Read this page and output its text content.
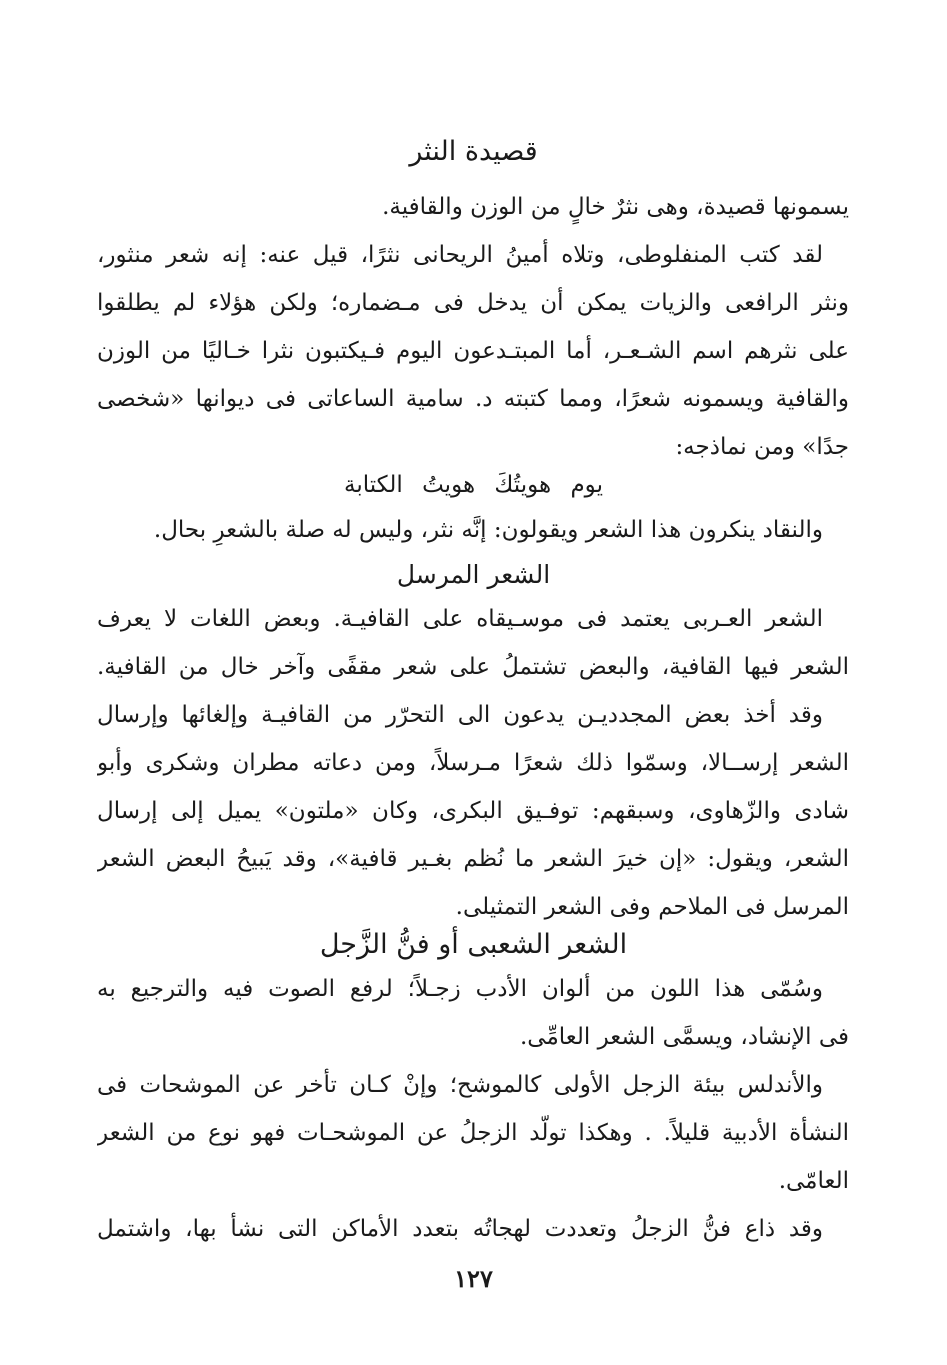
قصيدة النثر
يسمونها قصيدة، وهى نثرٌ خالٍ من الوزن والقافية.
لقد كتب المنفلوطى، وتلاه أمينُ الريحانى نثرًا، قيل عنه: إنه شعر منثور،
ونثر الرافعى والزيات يمكن أن يدخل فى مـضماره؛ ولكن هؤلاء لم يطلقوا
على نثرهم اسم الشـعـر، أما المبتـدعون اليوم فـيكتبون نثرا خـاليًا من الوزن
والقافية ويسمونه شعرًا، ومما كتبته د. سامية الساعاتى فى ديوانها «شخصى
جدًا» ومن نماذجه:
يوم هويتُكَ هويتُ الكتابة
والنقاد ينكرون هذا الشعر ويقولون: إنَّه نثر، وليس له صلة بالشعرِ بحال.
الشعر المرسل
الشعر العـربى يعتمد فى موسـيقاه على القافيـة. وبعض اللغات لا يعرف
الشعر فيها القافية، والبعض تشتملُ على شعر مقفًى وآخر خال من القافية.
وقد أخذ بعض المجدديـن يدعون الى التحرّر من القافيـة وإلغائها وإرسال
الشعر إرســالا، وسمّوا ذلك شعرًا مـرسلاً، ومن دعاته مطران وشكرى وأبو
شادى والزّهاوى، وسبقهم: توفـيق البكرى، وكان «ملتون» يميل إلى إرسال
الشعر، ويقول: «إن خيرَ الشعر ما نُظم بغـير قافية»، وقد يَبيحُ البعض الشعر
المرسل فى الملاحم وفى الشعر التمثيلى.
الشعر الشعبى أو فنُّ الزَّجل
وسُمّى هذا اللون من ألوان الأدب زجـلاً؛ لرفع الصوت فيه والترجيع به
فى الإنشاد، ويسمَّى الشعر العامِّى.
والأندلس بيئة الزجل الأولى كالموشح؛ وإنْ كـان تأخر عن الموشحات فى
النشأة الأدبية قليلاً. . وهكذا تولّد الزجلُ عن الموشحـات فهو نوع من الشعر
العامّى.
وقد ذاع فنُّ الزجلُ وتعددت لهجاتُه بتعدد الأماكن التى نشأ بها، واشتمل
١٢٧
